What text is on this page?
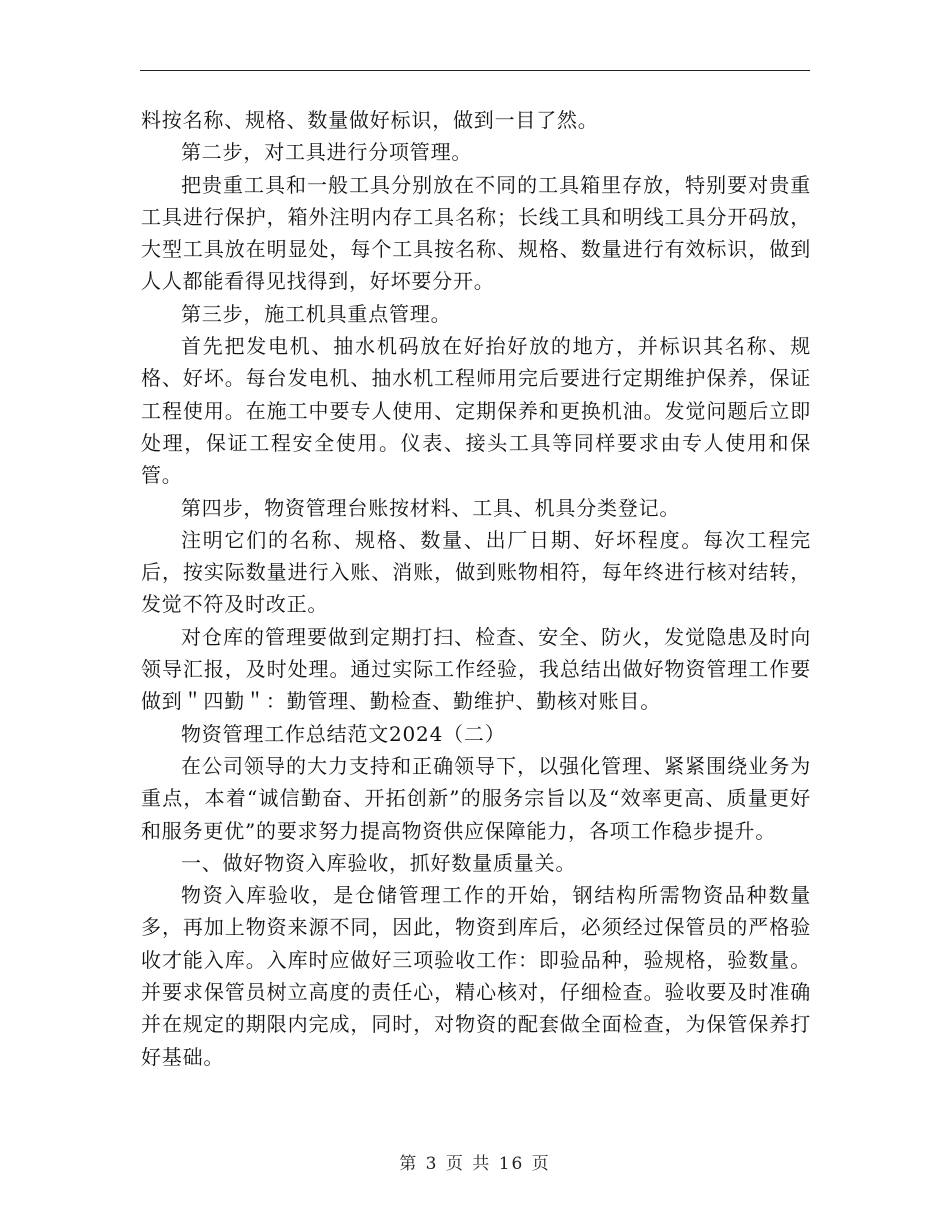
料按名称、规格、数量做好标识，做到一目了然。

第二步，对工具进行分项管理。

把贵重工具和一般工具分别放在不同的工具箱里存放，特别要对贵重工具进行保护，箱外注明内存工具名称；长线工具和明线工具分开码放，大型工具放在明显处，每个工具按名称、规格、数量进行有效标识，做到人人都能看得见找得到，好坏要分开。

第三步，施工机具重点管理。

首先把发电机、抽水机码放在好抬好放的地方，并标识其名称、规格、好坏。每台发电机、抽水机工程师用完后要进行定期维护保养，保证工程使用。在施工中要专人使用、定期保养和更换机油。发觉问题后立即处理，保证工程安全使用。仪表、接头工具等同样要求由专人使用和保管。

第四步，物资管理台账按材料、工具、机具分类登记。

注明它们的名称、规格、数量、出厂日期、好坏程度。每次工程完后，按实际数量进行入账、消账，做到账物相符，每年终进行核对结转，发觉不符及时改正。

对仓库的管理要做到定期打扫、检查、安全、防火，发觉隐患及时向领导汇报，及时处理。通过实际工作经验，我总结出做好物资管理工作要做到＂四勤＂：勤管理、勤检查、勤维护、勤核对账目。

物资管理工作总结范文2024（二）

在公司领导的大力支持和正确领导下，以强化管理、紧紧围绕业务为重点，本着“诚信勤奋、开拓创新”的服务宗旨以及“效率更高、质量更好和服务更优”的要求努力提高物资供应保障能力，各项工作稳步提升。

一、做好物资入库验收，抓好数量质量关。

物资入库验收，是仓储管理工作的开始，钢结构所需物资品种数量多，再加上物资来源不同，因此，物资到库后，必须经过保管员的严格验收才能入库。入库时应做好三项验收工作：即验品种，验规格，验数量。并要求保管员树立高度的责任心，精心核对，仔细检查。验收要及时准确并在规定的期限内完成，同时，对物资的配套做全面检查，为保管保养打好基础。

第 3 页 共 16 页
